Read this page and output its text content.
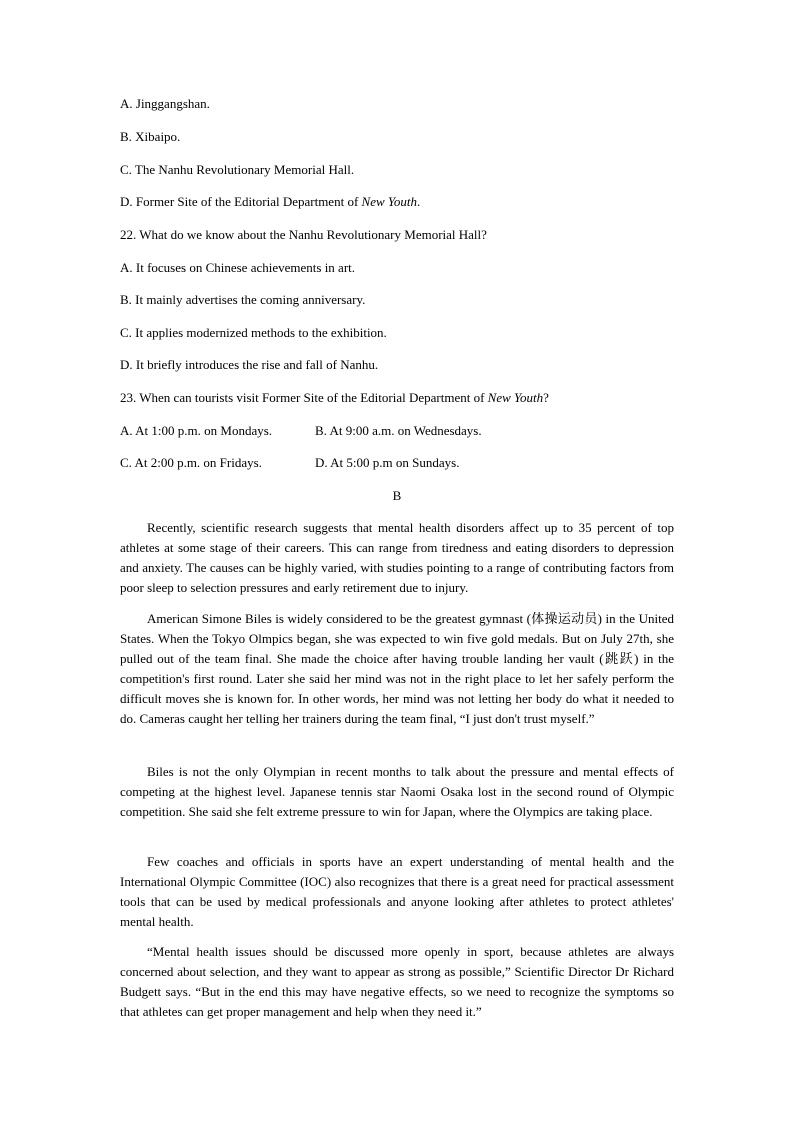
A. Jinggangshan.
B. Xibaipo.
C. The Nanhu Revolutionary Memorial Hall.
D. Former Site of the Editorial Department of New Youth.
22. What do we know about the Nanhu Revolutionary Memorial Hall?
A. It focuses on Chinese achievements in art.
B. It mainly advertises the coming anniversary.
C. It applies modernized methods to the exhibition.
D. It briefly introduces the rise and fall of Nanhu.
23. When can tourists visit Former Site of the Editorial Department of New Youth?
A. At 1:00 p.m. on Mondays.	B. At 9:00 a.m. on Wednesdays.
C. At 2:00 p.m. on Fridays.	D. At 5:00 p.m on Sundays.
B

Recently, scientific research suggests that mental health disorders affect up to 35 percent of top athletes at some stage of their careers. This can range from tiredness and eating disorders to depression and anxiety. The causes can be highly varied, with studies pointing to a range of contributing factors from poor sleep to selection pressures and early retirement due to injury.

American Simone Biles is widely considered to be the greatest gymnast (体操运动员) in the United States. When the Tokyo Olmpics began, she was expected to win five gold medals. But on July 27th, she pulled out of the team final. She made the choice after having trouble landing her vault (跳跃) in the competition's first round. Later she said her mind was not in the right place to let her safely perform the difficult moves she is known for. In other words, her mind was not letting her body do what it needed to do. Cameras caught her telling her trainers during the team final, “I just don't trust myself.”

Biles is not the only Olympian in recent months to talk about the pressure and mental effects of competing at the highest level. Japanese tennis star Naomi Osaka lost in the second round of Olympic competition. She said she felt extreme pressure to win for Japan, where the Olympics are taking place.

Few coaches and officials in sports have an expert understanding of mental health and the International Olympic Committee (IOC) also recognizes that there is a great need for practical assessment tools that can be used by medical professionals and anyone looking after athletes to protect athletes' mental health.

“Mental health issues should be discussed more openly in sport, because athletes are always concerned about selection, and they want to appear as strong as possible,” Scientific Director Dr Richard Budgett says. “But in the end this may have negative effects, so we need to recognize the symptoms so that athletes can get proper management and help when they need it.”
